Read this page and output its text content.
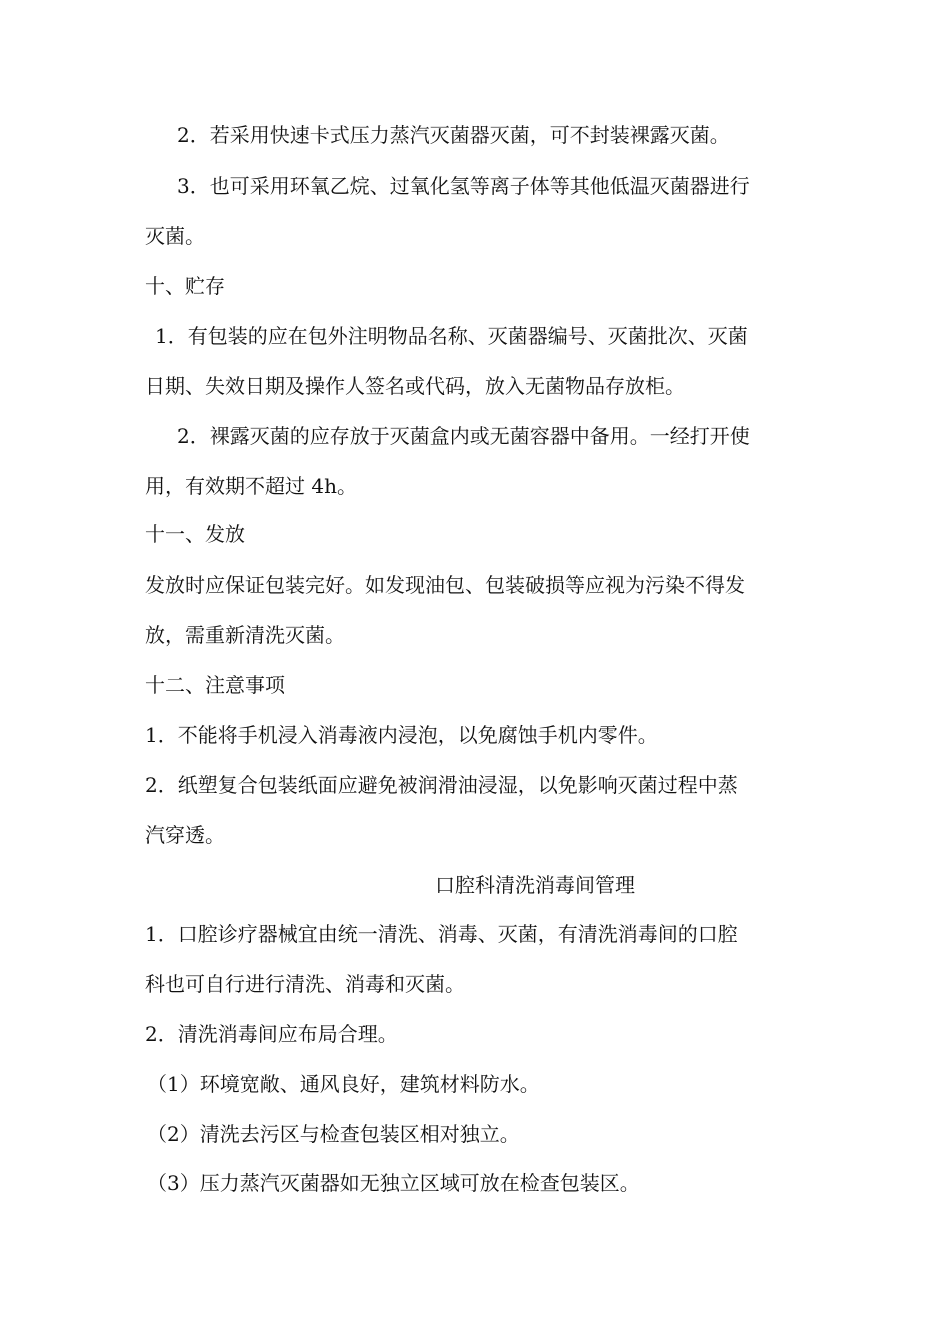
2．若采用快速卡式压力蒸汽灭菌器灭菌，可不封装裸露灭菌。
3．也可采用环氧乙烷、过氧化氢等离子体等其他低温灭菌器进行
灭菌。
十、贮存
1．有包装的应在包外注明物品名称、灭菌器编号、灭菌批次、灭菌
日期、失效日期及操作人签名或代码，放入无菌物品存放柜。
2．裸露灭菌的应存放于灭菌盒内或无菌容器中备用。一经打开使
用，有效期不超过 4h。
十一、发放
发放时应保证包装完好。如发现油包、包装破损等应视为污染不得发
放，需重新清洗灭菌。
十二、注意事项
1．不能将手机浸入消毒液内浸泡，以免腐蚀手机内零件。
2．纸塑复合包装纸面应避免被润滑油浸湿，以免影响灭菌过程中蒸
汽穿透。
口腔科清洗消毒间管理
1．口腔诊疗器械宜由统一清洗、消毒、灭菌，有清洗消毒间的口腔
科也可自行进行清洗、消毒和灭菌。
2．清洗消毒间应布局合理。
（1）环境宽敞、通风良好，建筑材料防水。
（2）清洗去污区与检查包装区相对独立。
（3）压力蒸汽灭菌器如无独立区域可放在检查包装区。
